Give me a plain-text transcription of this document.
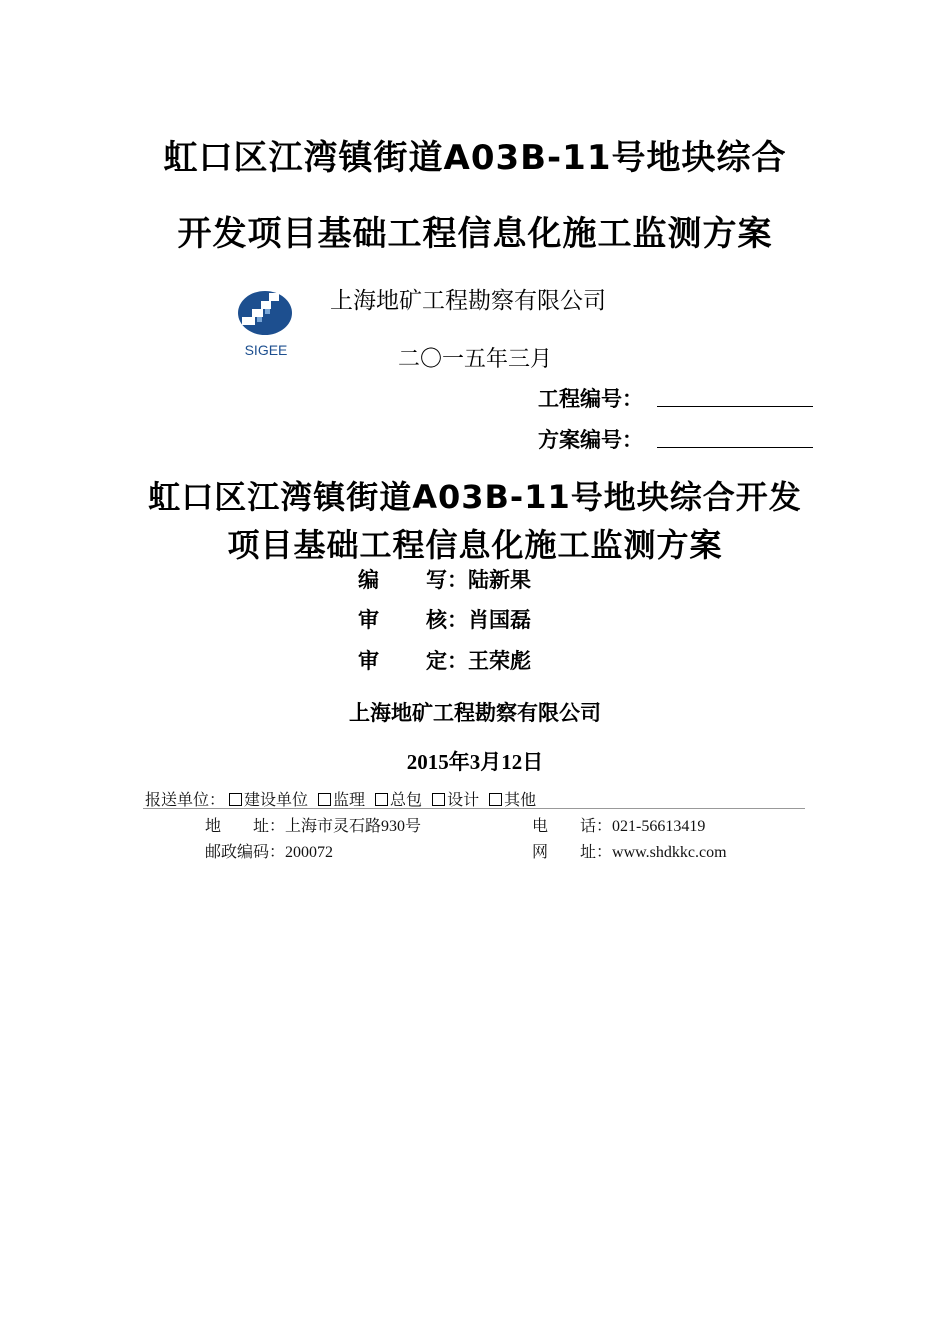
虹口区江湾镇街道A03B-11号地块综合
开发项目基础工程信息化施工监测方案
SIGEE
上海地矿工程勘察有限公司
二〇一五年三月
工程编号：
方案编号：
虹口区江湾镇街道A03B-11号地块综合开发
项目基础工程信息化施工监测方案
编 写：陆新果
审 核：肖国磊
审 定：王荣彪
上海地矿工程勘察有限公司
2015年3月12日
报送单位： 建设单位 监理 总包 设计 其他
地　　址：上海市灵石路930号	电　　话：021-56613419
邮政编码：200072	网　　址：www.shdkkc.com
